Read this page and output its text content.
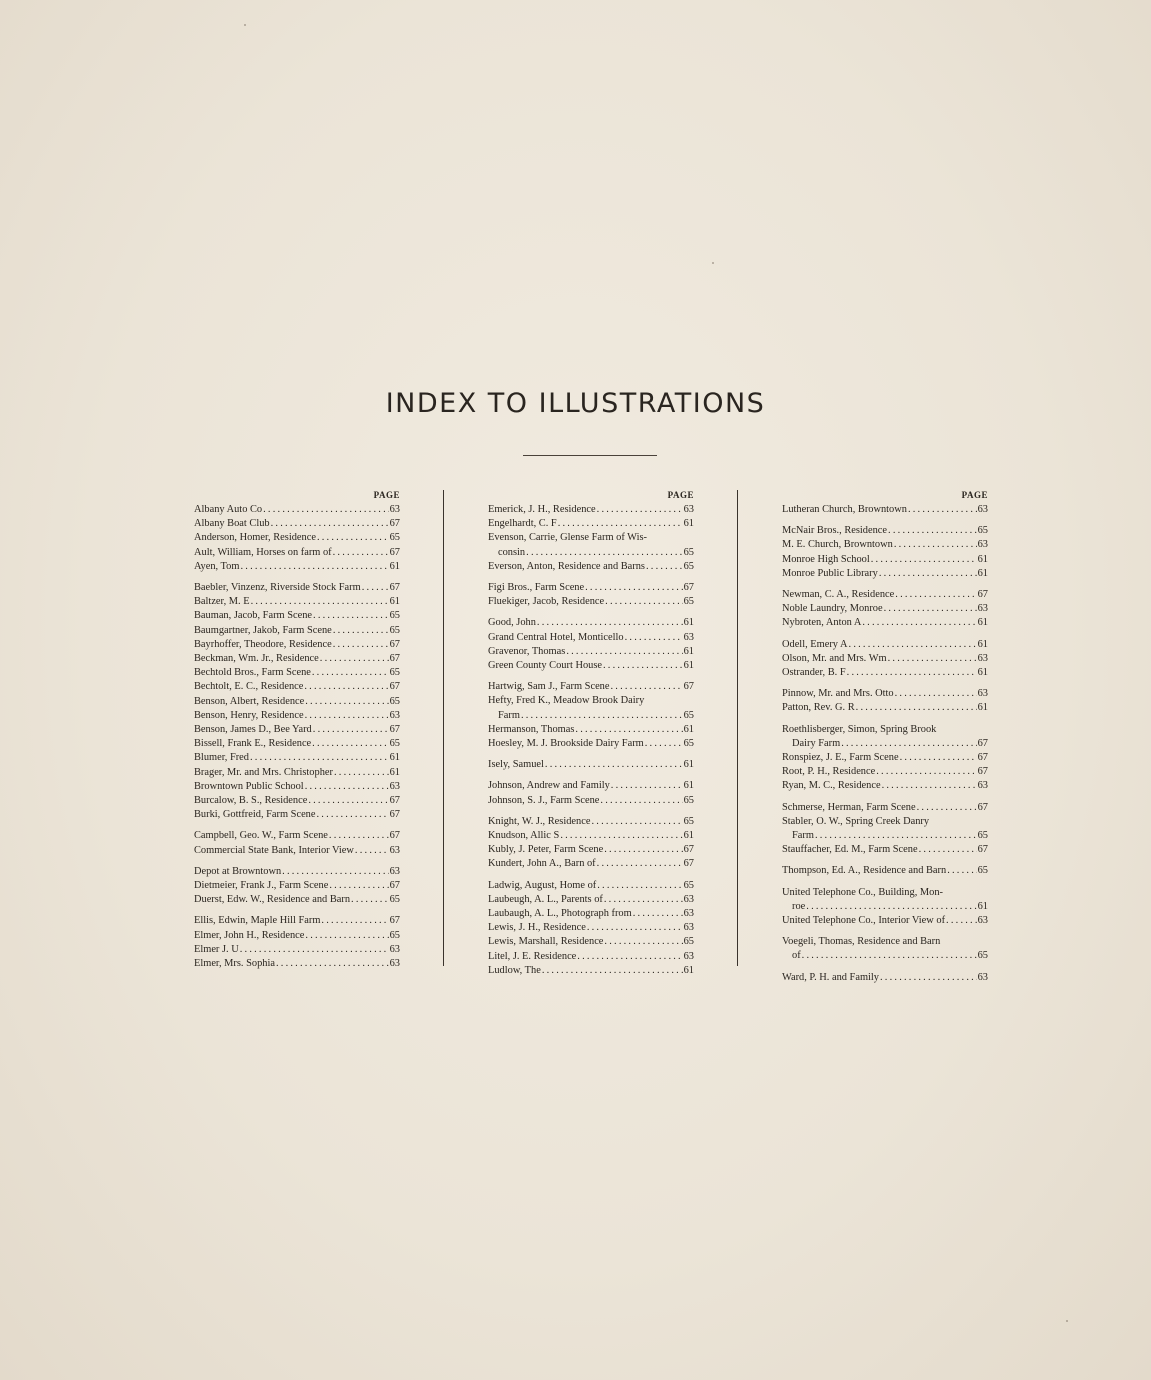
INDEX TO ILLUSTRATIONS
PAGE
Albany Auto Co .....	63
Albany Boat Club .....	67
Anderson, Homer, Residence .....	65
Ault, William, Horses on farm of .....	67
Ayen, Tom .....	61
Baebler, Vinzenz, Riverside Stock Farm .....	67
Baltzer, M. E .....	61
Bauman, Jacob, Farm Scene .....	65
Baumgartner, Jakob, Farm Scene .....	65
Bayrhoffer, Theodore, Residence .....	67
Beckman, Wm. Jr., Residence .....	67
Bechtold Bros., Farm Scene .....	65
Bechtolt, E. C., Residence .....	67
Benson, Albert, Residence .....	65
Benson, Henry, Residence .....	63
Benson, James D., Bee Yard .....	67
Bissell, Frank E., Residence .....	65
Blumer, Fred .....	61
Brager, Mr. and Mrs. Christopher .....	61
Browntown Public School .....	63
Burcalow, B. S., Residence .....	67
Burki, Gottfreid, Farm Scene .....	67
Campbell, Geo. W., Farm Scene .....	67
Commercial State Bank, Interior View .....	63
Depot at Browntown .....	63
Dietmeier, Frank J., Farm Scene .....	67
Duerst, Edw. W., Residence and Barn .....	65
Ellis, Edwin, Maple Hill Farm .....	67
Elmer, John H., Residence .....	65
Elmer J. U .....	63
Elmer, Mrs. Sophia .....	63
PAGE
Emerick, J. H., Residence .....	63
Engelhardt, C. F .....	61
Evenson, Carrie, Glense Farm of Wis-
consin .....	65
Everson, Anton, Residence and Barns .....	65
Figi Bros., Farm Scene .....	67
Fluekiger, Jacob, Residence .....	65
Good, John .....	61
Grand Central Hotel, Monticello .....	63
Gravenor, Thomas .....	61
Green County Court House .....	61
Hartwig, Sam J., Farm Scene .....	67
Hefty, Fred K., Meadow Brook Dairy
Farm .....	65
Hermanson, Thomas .....	61
Hoesley, M. J. Brookside Dairy Farm .....	65
Isely, Samuel .....	61
Johnson, Andrew and Family .....	61
Johnson, S. J., Farm Scene .....	65
Knight, W. J., Residence .....	65
Knudson, Allic S .....	61
Kubly, J. Peter, Farm Scene .....	67
Kundert, John A., Barn of .....	67
Ladwig, August, Home of .....	65
Laubeugh, A. L., Parents of .....	63
Laubaugh, A. L., Photograph from .....	63
Lewis, J. H., Residence .....	63
Lewis, Marshall, Residence .....	65
Litel, J. E. Residence .....	63
Ludlow, The .....	61
PAGE
Lutheran Church, Browntown .....	63
McNair Bros., Residence .....	65
M. E. Church, Browntown .....	63
Monroe High School .....	61
Monroe Public Library .....	61
Newman, C. A., Residence .....	67
Noble Laundry, Monroe .....	63
Nybroten, Anton A .....	61
Odell, Emery A .....	61
Olson, Mr. and Mrs. Wm .....	63
Ostrander, B. F .....	61
Pinnow, Mr. and Mrs. Otto .....	63
Patton, Rev. G. R .....	61
Roethlisberger, Simon, Spring Brook
Dairy Farm .....	67
Ronspiez, J. E., Farm Scene .....	67
Root, P. H., Residence .....	67
Ryan, M. C., Residence .....	63
Schmerse, Herman, Farm Scene .....	67
Stabler, O. W., Spring Creek Danry
Farm .....	65
Stauffacher, Ed. M., Farm Scene .....	67
Thompson, Ed. A., Residence and Barn .....	65
United Telephone Co., Building, Mon-
roe .....	61
United Telephone Co., Interior View of .....	63
Voegeli, Thomas, Residence and Barn
of .....	65
Ward, P. H. and Family .....	63
